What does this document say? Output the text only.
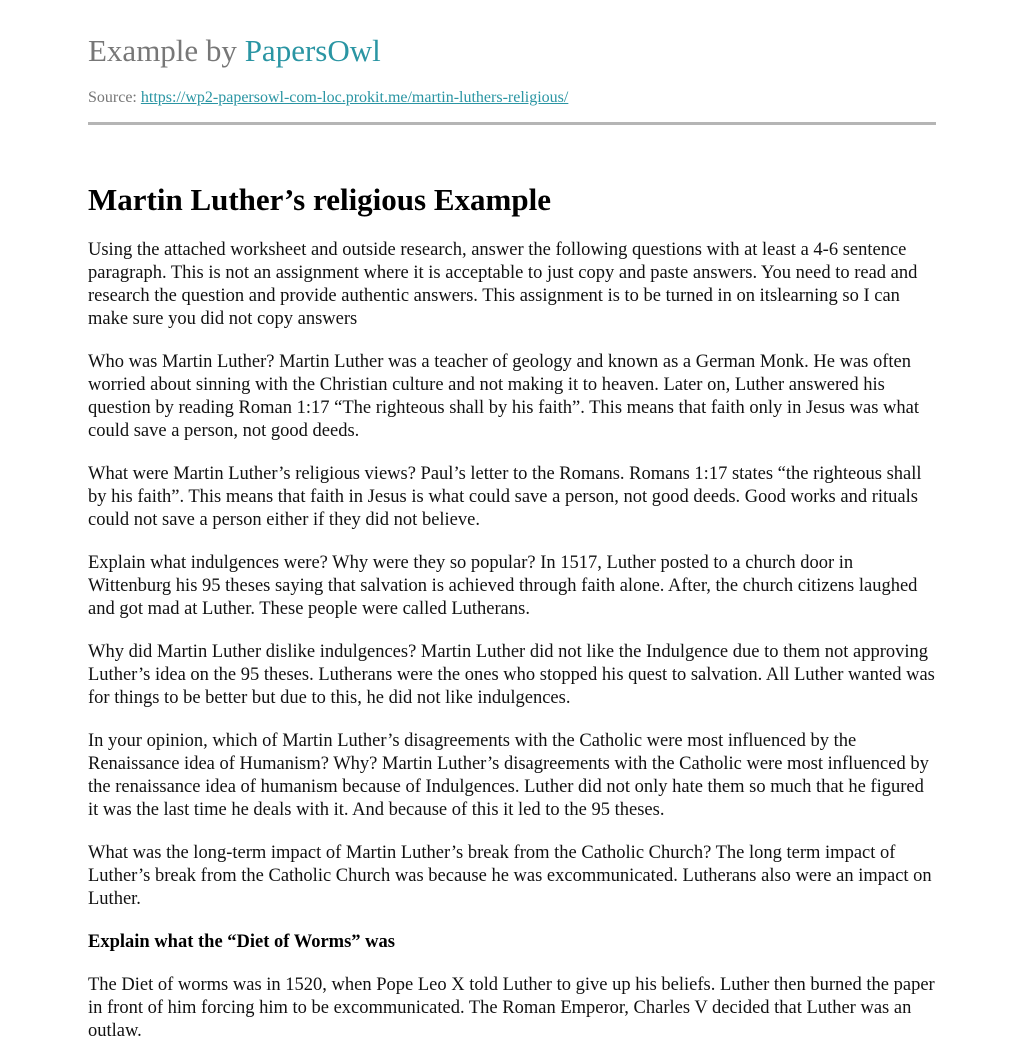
Example by PapersOwl
Source: https://wp2-papersowl-com-loc.prokit.me/martin-luthers-religious/
Martin Luther’s religious Example

Using the attached worksheet and outside research, answer the following questions with at least a 4-6 sentence paragraph. This is not an assignment where it is acceptable to just copy and paste answers. You need to read and research the question and provide authentic answers. This assignment is to be turned in on itslearning so I can make sure you did not copy answers

Who was Martin Luther? Martin Luther was a teacher of geology and known as a German Monk. He was often worried about sinning with the Christian culture and not making it to heaven. Later on, Luther answered his question by reading Roman 1:17 “The righteous shall by his faith”. This means that faith only in Jesus was what could save a person, not good deeds.

What were Martin Luther’s religious views? Paul’s letter to the Romans. Romans 1:17 states “the righteous shall by his faith”. This means that faith in Jesus is what could save a person, not good deeds. Good works and rituals could not save a person either if they did not believe.

Explain what indulgences were? Why were they so popular? In 1517, Luther posted to a church door in Wittenburg his 95 theses saying that salvation is achieved through faith alone. After, the church citizens laughed and got mad at Luther. These people were called Lutherans.

Why did Martin Luther dislike indulgences? Martin Luther did not like the Indulgence due to them not approving Luther’s idea on the 95 theses. Lutherans were the ones who stopped his quest to salvation. All Luther wanted was for things to be better but due to this, he did not like indulgences.

In your opinion, which of Martin Luther’s disagreements with the Catholic were most influenced by the Renaissance idea of Humanism? Why? Martin Luther’s disagreements with the Catholic were most influenced by the renaissance idea of humanism because of Indulgences. Luther did not only hate them so much that he figured it was the last time he deals with it. And because of this it led to the 95 theses.

What was the long-term impact of Martin Luther’s break from the Catholic Church? The long term impact of Luther’s break from the Catholic Church was because he was excommunicated. Lutherans also were an impact on Luther.

Explain what the “Diet of Worms” was

The Diet of worms was in 1520, when Pope Leo X told Luther to give up his beliefs. Luther then burned the paper in front of him forcing him to be excommunicated. The Roman Emperor, Charles V decided that Luther was an outlaw.
